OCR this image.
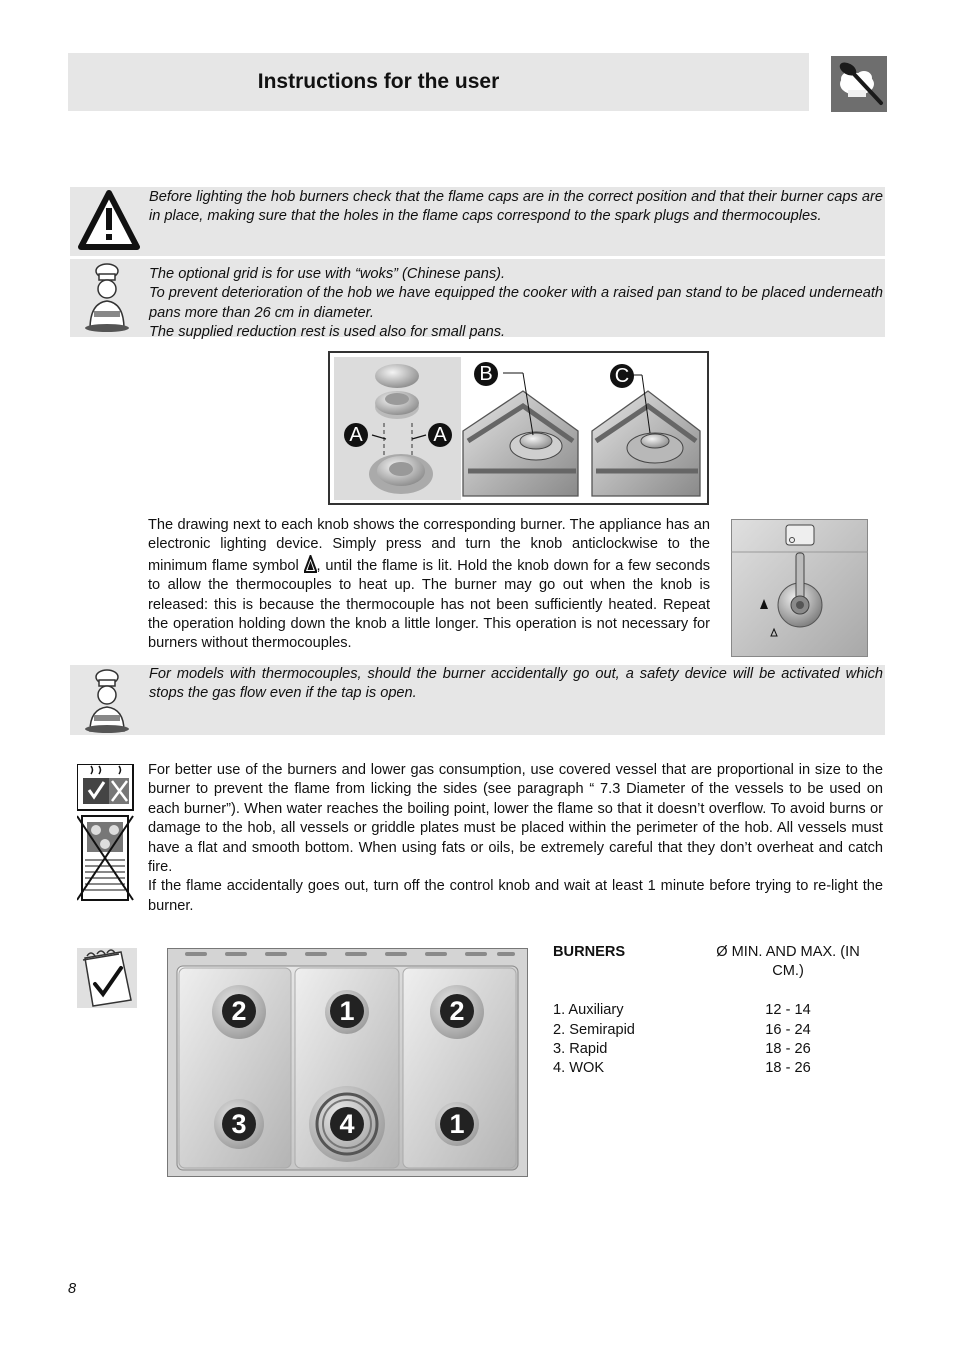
Instructions for the user
Before lighting the hob burners check that the flame caps are in the correct position and that their burner caps are in place, making sure that the holes in the flame caps correspond to the spark plugs and thermocouples.

The optional grid is for use with “woks” (Chinese pans).

To prevent deterioration of the hob we have equipped the cooker with a raised pan stand to be placed underneath pans more than 26 cm in diameter.

The supplied reduction rest is used also for small pans.

A	A
B	C

The drawing next to each knob shows the corresponding burner. The appliance has an electronic lighting device. Simply press and turn the knob anticlockwise to the minimum flame symbol , until the flame is lit. Hold the knob down for a few seconds to allow the thermocouples to heat up. The burner may go out when the knob is released: this is because the thermocouple has not been sufficiently heated. Repeat the operation holding down the knob a little longer. This operation is not necessary for burners without thermocouples.

For models with thermocouples, should the burner accidentally go out, a safety device will be activated which stops the gas flow even if the tap is open.

For better use of the burners and lower gas consumption, use covered vessel that are proportional in size to the burner to prevent the flame from licking the sides (see paragraph “ 7.3 Diameter of the vessels to be used on each burner”). When water reaches the boiling point, lower the flame so that it doesn’t overflow. To avoid burns or damage to the hob, all vessels or griddle plates must be placed within the perimeter of the hob. All vessels must have a flat and smooth bottom. When using fats or oils, be extremely careful that they don’t overheat and catch fire.

If the flame accidentally goes out, turn off the control knob and wait at least 1 minute before trying to re-light the burner.

2	1	2
3	4	1
BURNERS	Ø MIN. AND MAX. (IN CM.)
1. Auxiliary	12 - 14
2. Semirapid	16 - 24
3. Rapid	18 - 26
4. WOK	18 - 26
8
